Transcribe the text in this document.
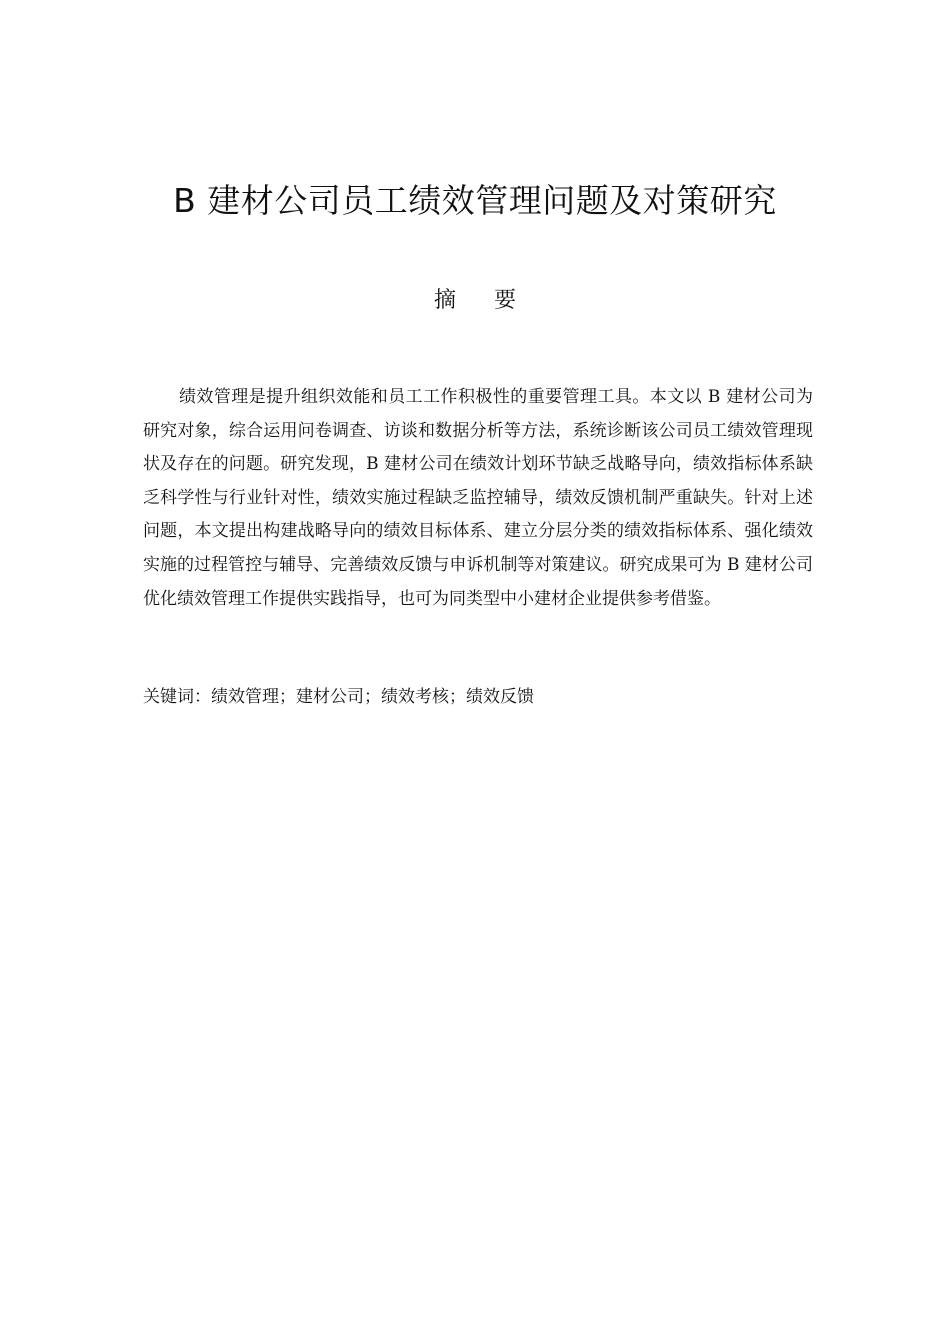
B 建材公司员工绩效管理问题及对策研究
摘要

绩效管理是提升组织效能和员工工作积极性的重要管理工具。本文以 B 建材公司为研究对象，综合运用问卷调查、访谈和数据分析等方法，系统诊断该公司员工绩效管理现状及存在的问题。研究发现，B 建材公司在绩效计划环节缺乏战略导向，绩效指标体系缺乏科学性与行业针对性，绩效实施过程缺乏监控辅导，绩效反馈机制严重缺失。针对上述问题，本文提出构建战略导向的绩效目标体系、建立分层分类的绩效指标体系、强化绩效实施的过程管控与辅导、完善绩效反馈与申诉机制等对策建议。研究成果可为 B 建材公司优化绩效管理工作提供实践指导，也可为同类型中小建材企业提供参考借鉴。

关键词：绩效管理；建材公司；绩效考核；绩效反馈
